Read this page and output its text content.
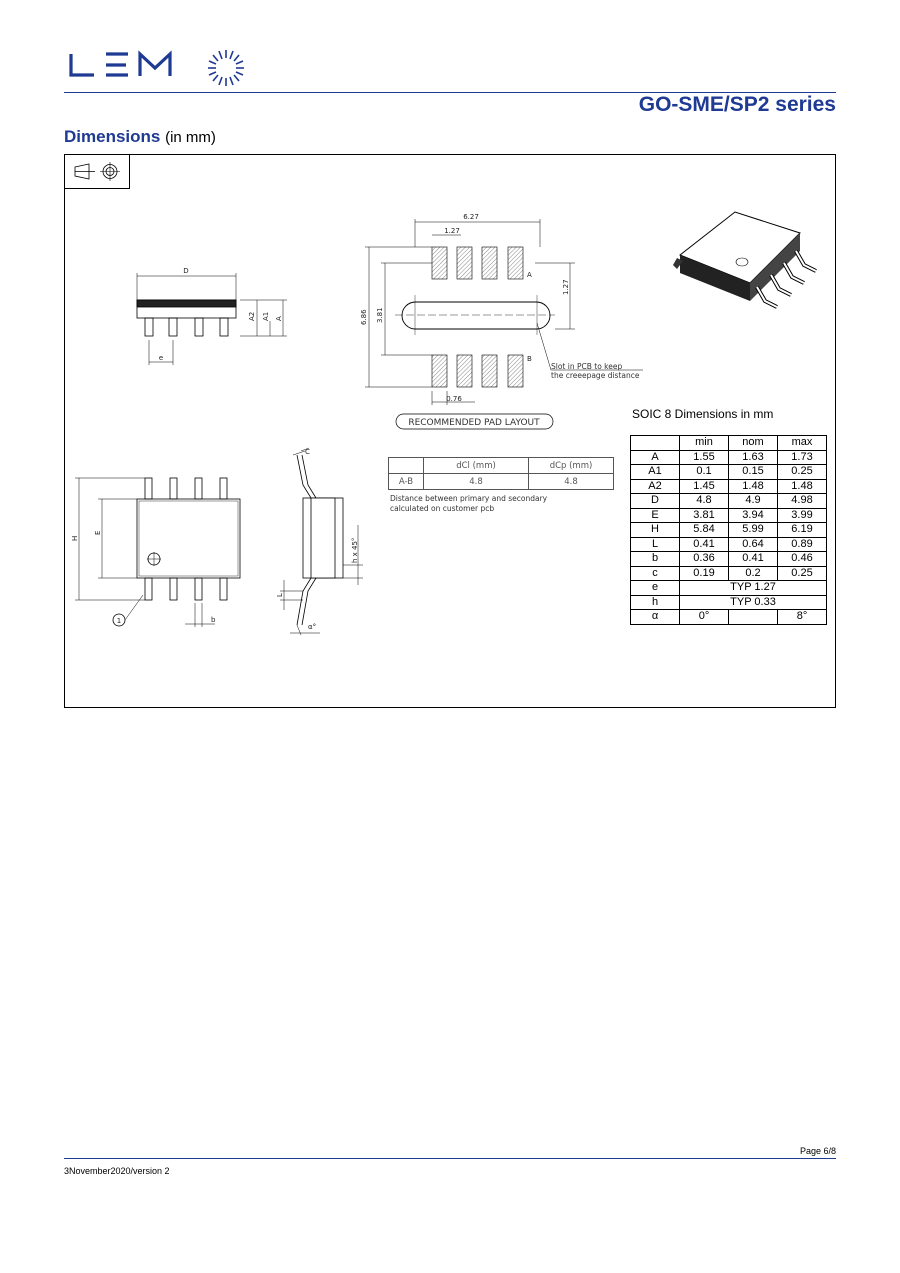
GO-SME/SP2 series
Dimensions (in mm)
D
e
A2 A1 A
6.27
1.27
6.86 3.81
1.27
0.76
A
B
Slot in PCB to keep
the creeepage distance
RECOMMENDED PAD LAYOUT
H
E
b
1
C
h x 45°
L
α°
	dCl (mm)	dCp (mm)
A-B	4.8	4.8
Distance between primary and secondary
calculated on customer pcb
SOIC 8 Dimensions in mm
	min	nom	max
A	1.55	1.63	1.73
A1	0.1	0.15	0.25
A2	1.45	1.48	1.48
D	4.8	4.9	4.98
E	3.81	3.94	3.99
H	5.84	5.99	6.19
L	0.41	0.64	0.89
b	0.36	0.41	0.46
c	0.19	0.2	0.25
e	TYP 1.27		
h	TYP 0.33		
α	0°		8°
Page 6/8
3November2020/version 2
